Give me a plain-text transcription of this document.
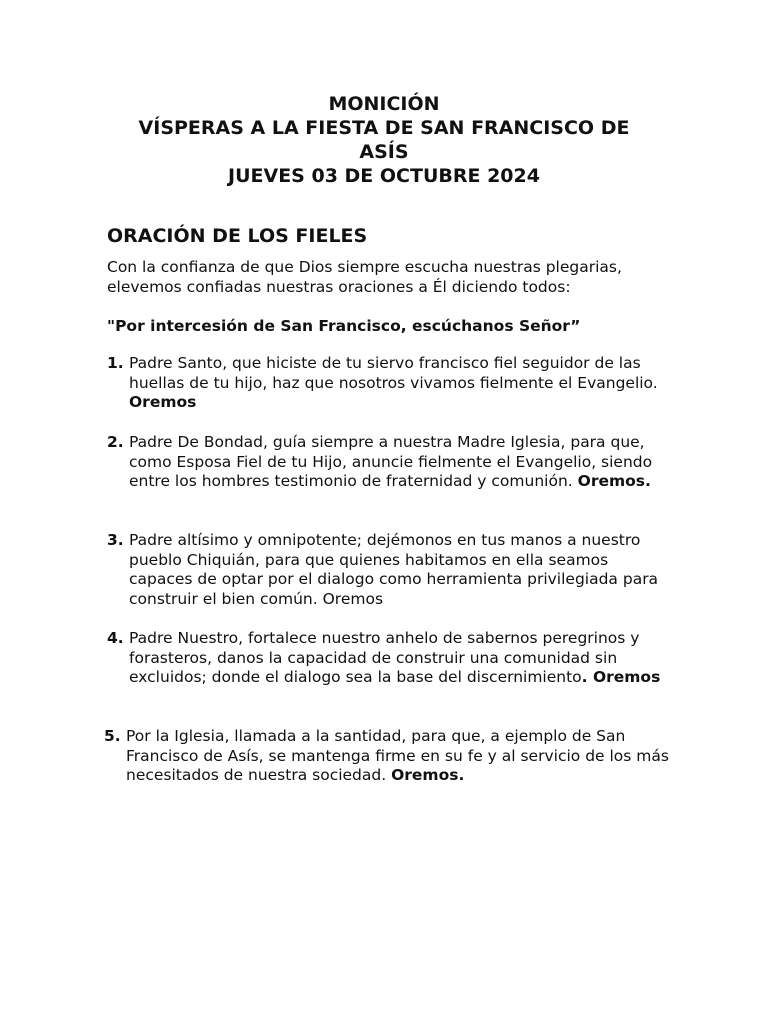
MONICIÓN
VÍSPERAS A LA FIESTA DE SAN FRANCISCO DE
ASÍS
JUEVES 03 DE OCTUBRE 2024
ORACIÓN DE LOS FIELES
Con la confianza de que Dios siempre escucha nuestras plegarias, elevemos confiadas nuestras oraciones a Él diciendo todos:
"Por intercesión de San Francisco, escúchanos Señor”
1. Padre Santo, que hiciste de tu siervo francisco fiel seguidor de las huellas de tu hijo, haz que nosotros vivamos fielmente el Evangelio. Oremos
2. Padre De Bondad, guía siempre a nuestra Madre Iglesia, para que, como Esposa Fiel de tu Hijo, anuncie fielmente el Evangelio, siendo entre los hombres testimonio de fraternidad y comunión. Oremos.
3. Padre altísimo y omnipotente; dejémonos en tus manos a nuestro pueblo Chiquián, para que quienes habitamos en ella seamos capaces de optar por el dialogo como herramienta privilegiada para construir el bien común. Oremos
4. Padre Nuestro, fortalece nuestro anhelo de sabernos peregrinos y forasteros, danos la capacidad de construir una comunidad sin excluidos; donde el dialogo sea la base del discernimiento. Oremos
5. Por la Iglesia, llamada a la santidad, para que, a ejemplo de San Francisco de Asís, se mantenga firme en su fe y al servicio de los más necesitados de nuestra sociedad. Oremos.
